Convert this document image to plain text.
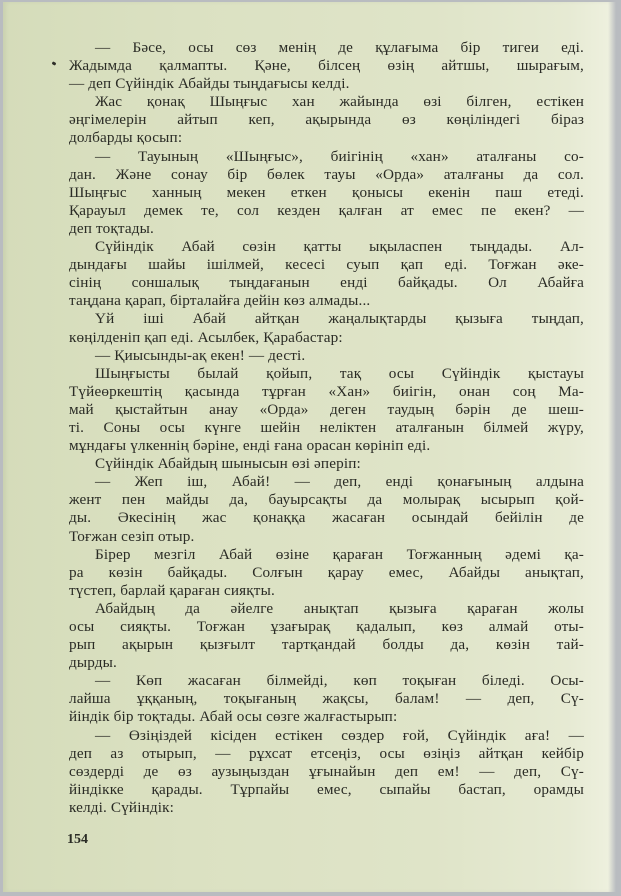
— Бәсе, осы сөз менің де құлағыма бір тигеи еді.
Жадымда қалмапты. Қәне, білсең өзің айтшы, шырағым,
— деп Сүйіндік Абайды тыңдағысы келді.
Жас қонақ Шыңғыс хан жайында өзі білген, естікен
әңгімелерін айтып кеп, ақырында өз көңіліндегі біраз
долбарды қосып:
— Тауының «Шыңғыс», биігінің «хан» аталғаны со-
дан. Және сонау бір бөлек тауы «Орда» аталғаны да сол.
Шыңғыс ханның мекен еткен қонысы екенін паш етеді.
Қарауыл демек те, сол кезден қалған ат емес пе екен? —
деп тоқтады.
Сүйіндік Абай сөзін қатты ықыласпен тыңдады. Ал-
дындағы шайы ішілмей, кесесі суып қап еді. Тоғжан әке-
сінің соншалық тыңдағанын енді байқады. Ол Абайға
таңдана қарап, бірталайға дейін көз алмады...
Үй іші Абай айтқан жаңалықтарды қызыға тыңдап,
көңілденіп қап еді. Асылбек, Қарабастар:
— Қиысынды-ақ екен! — десті.
Шыңғысты былай қойып, тақ осы Сүйіндік қыстауы
Түйеөркештің қасында тұрған «Хан» биігін, онан соң Ма-
май қыстайтын анау «Орда» деген таудың бәрін де шеш-
ті. Соны осы күнге шейін неліктен аталғанын білмей жүру,
мұндағы үлкеннің бәріне, енді ғана орасан көрініп еді.
Сүйіндік Абайдың шынысын өзі әперіп:
— Жеп іш, Абай! — деп, енді қонағының алдына
жент пен майды да, бауырсақты да молырақ ысырып қой-
ды. Әкесінің жас қонаққа жасаған осындай бейілін де
Тоғжан сезіп отыр.
Бірер мезгіл Абай өзіне қараған Тоғжанның әдемі қа-
ра көзін байқады. Солғын қарау емес, Абайды анықтап,
түстеп, барлай қараған сияқты.
Абайдың да әйелге анықтап қызыға қараған жолы
осы сияқты. Тоғжан ұзағырақ қадалып, көз алмай оты-
рып ақырын қызғылт тартқандай болды да, көзін тай-
дырды.
— Көп жасаған білмейді, көп тоқыған біледі. Осы-
лайша ұққаның, тоқығаның жақсы, балам! — деп, Сү-
йіндік бір тоқтады. Абай осы сөзге жалғастырып:
— Өзіңіздей кісіден естікен сөздер ғой, Сүйіндік аға! —
деп аз отырып, — рұхсат етсеңіз, осы өзіңіз айтқан кейбір
сөздерді де өз аузыңыздан ұғынайын деп ем! — деп, Сү-
йіндікке қарады. Тұрпайы емес, сыпайы бастап, орамды
келді. Сүйіндік:
154
